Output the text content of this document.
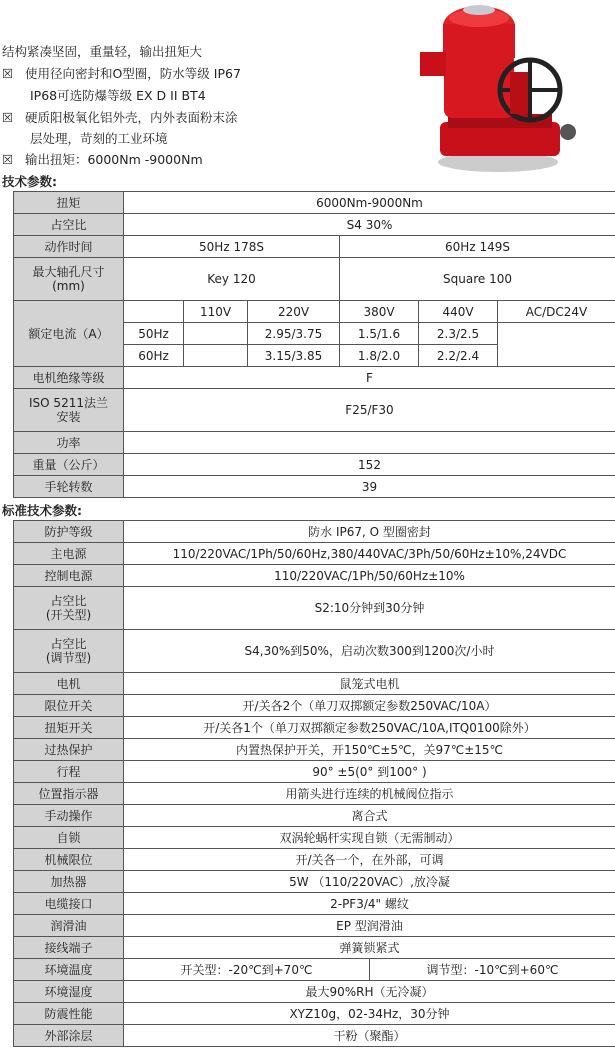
结构紧凑坚固，重量轻，输出扭矩大
☒ 使用径向密封和O型圈，防水等级 IP67
IP68可选防爆等级 EX D II BT4
☒ 硬质阳极氧化铝外壳，内外表面粉末涂
层处理，苛刻的工业环境
☒ 输出扭矩：6000Nm -9000Nm
技术参数:
扭矩	6000Nm-9000Nm					
占空比	S4 30%					
动作时间	50Hz 178S			60Hz 149S		

最大轴孔尺寸
(mm)	Key 120			Square 100		
额定电流（A）		110V	220V	380V	440V	AC/DC24V
	50Hz		2.95/3.75	1.5/1.6	2.3/2.5	
	60Hz		3.15/3.85	1.8/2.0	2.2/2.4	
电机绝缘等级	F					

ISO 5211法兰
安装	F25/F30					
功率						
重量（公斤）	152					
手轮转数	39					
标准技术参数:
防护等级	防水 IP67, O 型圈密封	
主电源	110/220VAC/1Ph/50/60Hz,380/440VAC/3Ph/50/60Hz±10%,24VDC	
控制电源	110/220VAC/1Ph/50/60Hz±10%	
占空比
(开关型)	S2:10分钟到30分钟	
占空比
(调节型)	S4,30%到50%，启动次数300到1200次/小时	
电机	鼠笼式电机	
限位开关	开/关各2个（单刀双掷额定参数250VAC/10A）	
扭矩开关	开/关各1个（单刀双掷额定参数250VAC/10A,ITQ0100除外）	
过热保护	内置热保护开关，开150℃±5℃，关97℃±15℃	
行程	90° ±5(0° 到100° )	
位置指示器	用箭头进行连续的机械阀位指示	
手动操作	离合式	
自锁	双涡轮蜗杆实现自锁（无需制动）	
机械限位	开/关各一个，在外部，可调	
加热器	5W （110/220VAC）,放冷凝	
电缆接口	2-PF3/4" 螺纹	
润滑油	EP 型润滑油	
接线端子	弹簧锁紧式	
环境温度	开关型：-20℃到+70℃	调节型：-10℃到+60℃
环境湿度	最大90%RH（无冷凝）	
防震性能	XYZ10g，02-34Hz，30分钟	
外部涂层	干粉（聚酯）	
